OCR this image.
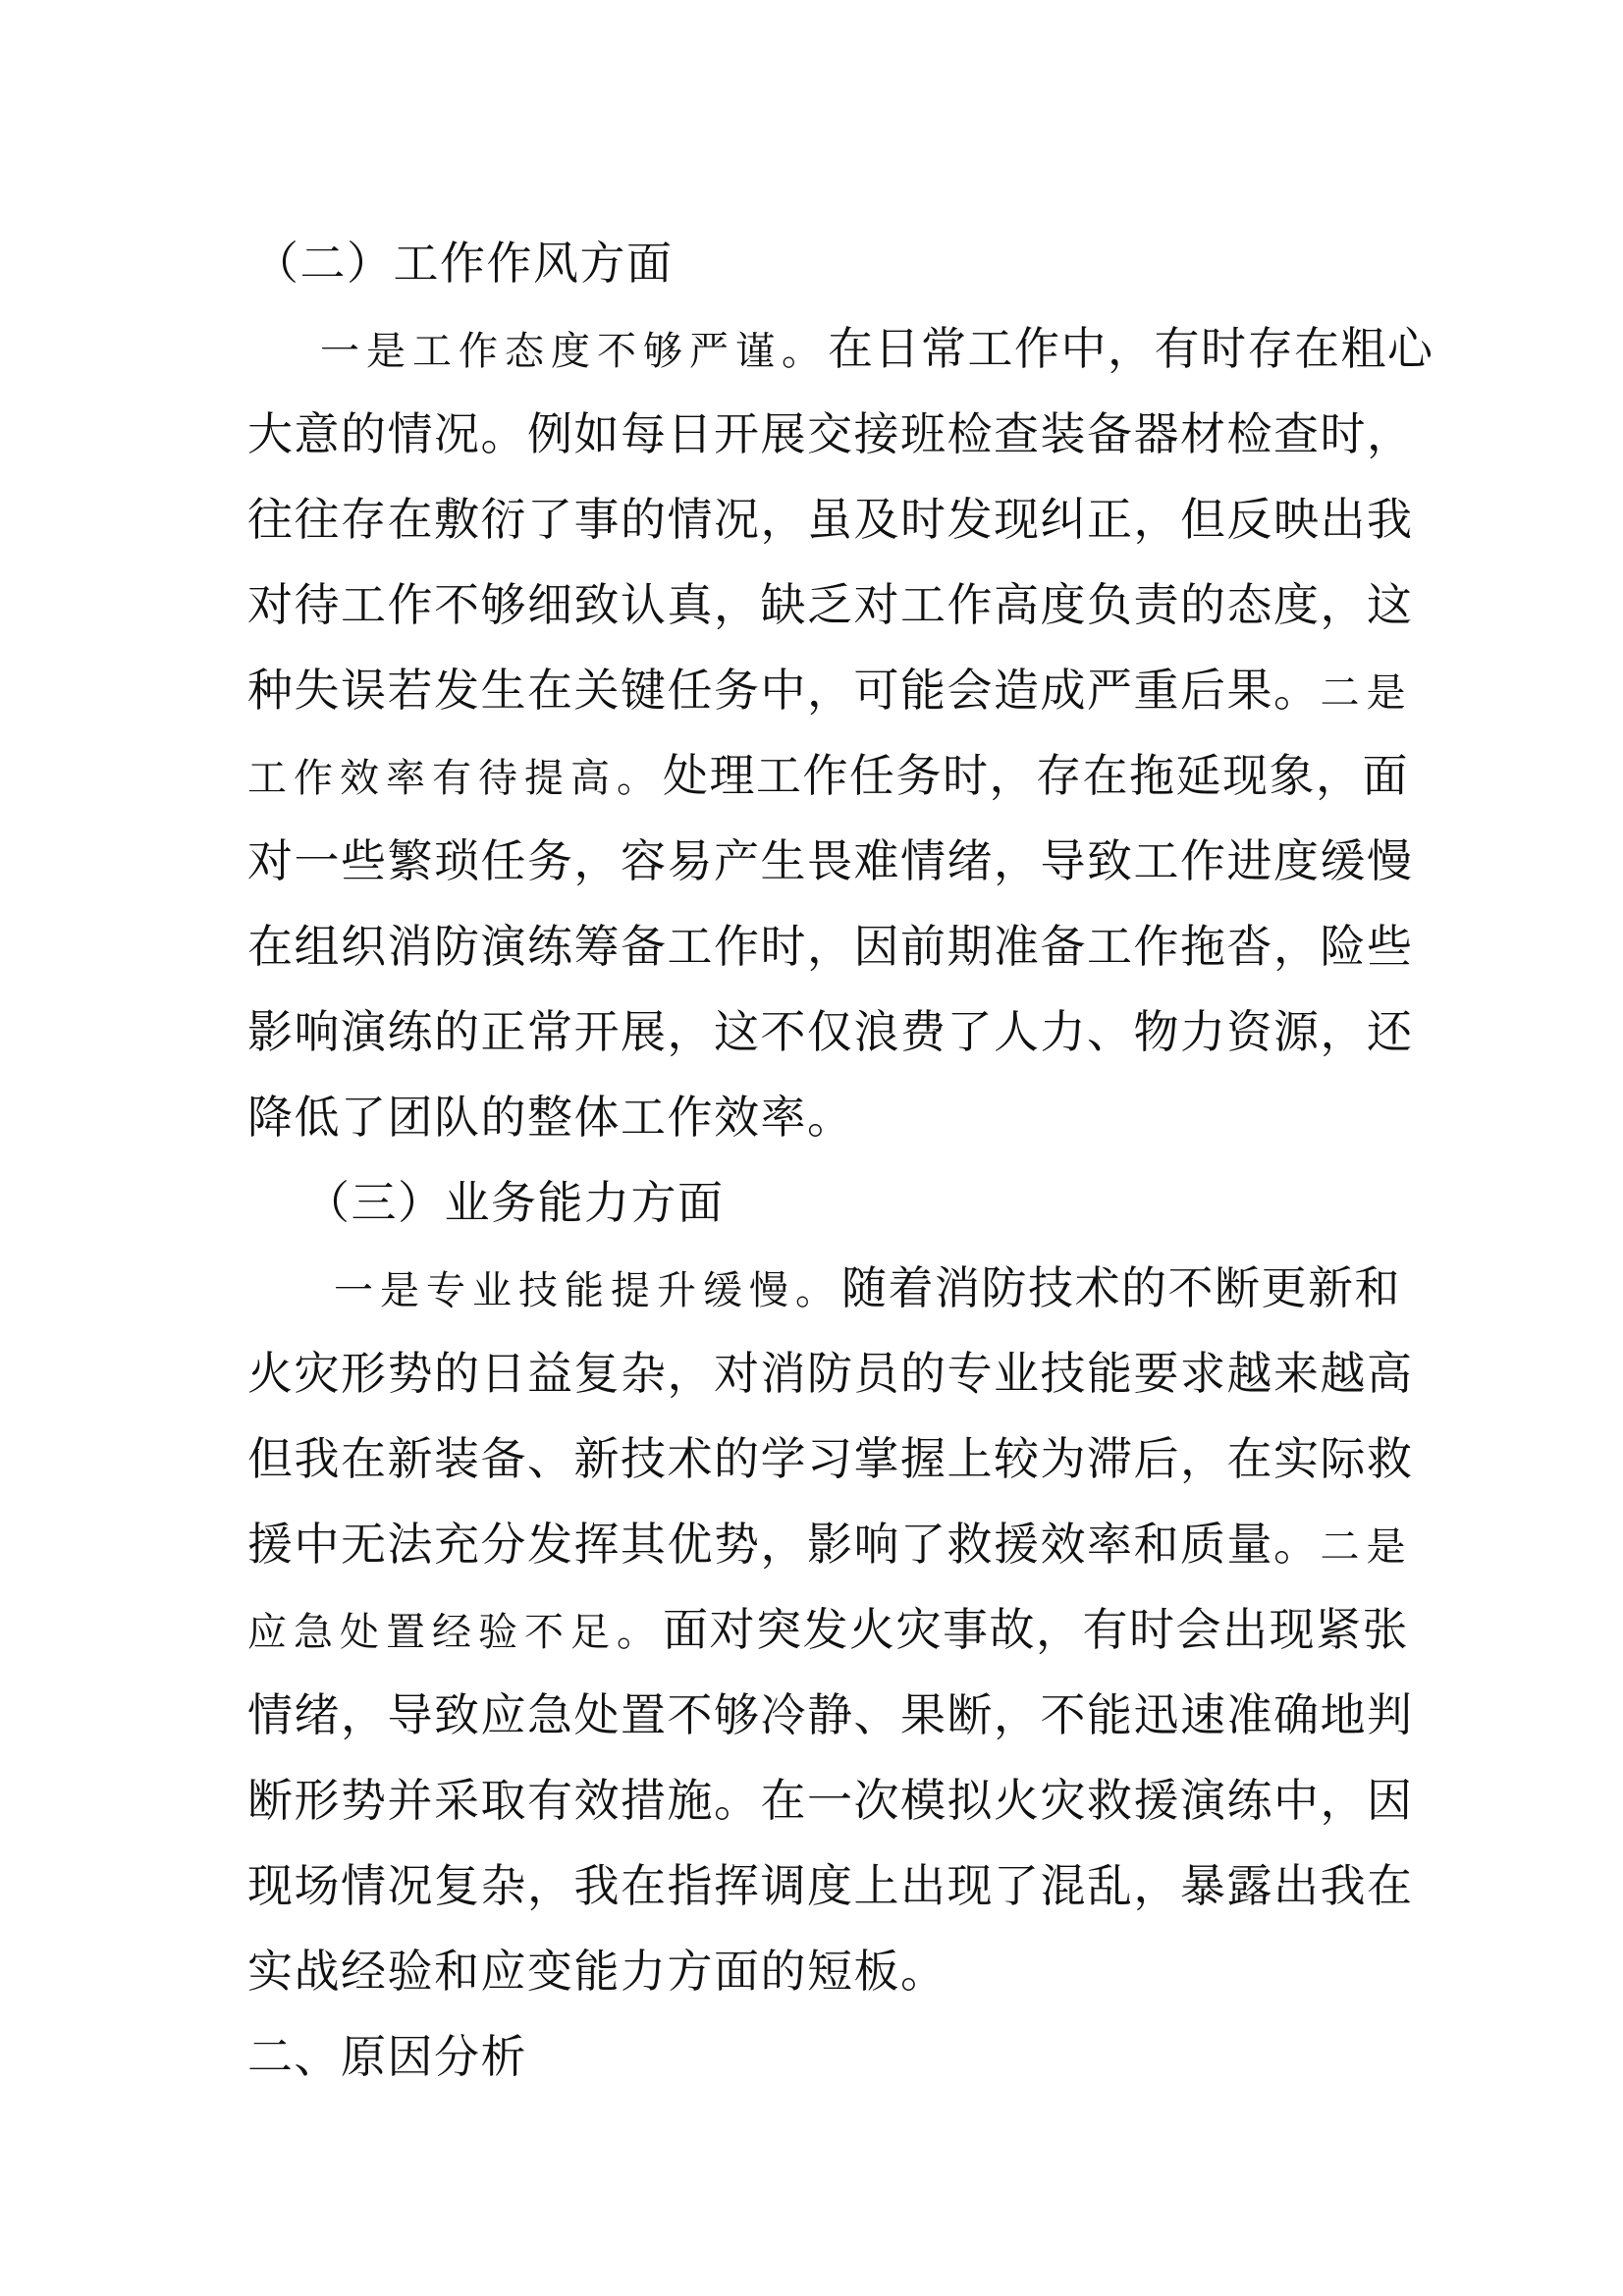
（二）工作作风方面
一是工作态度不够严谨。在日常工作中，有时存在粗心
大意的情况。例如每日开展交接班检查装备器材检查时，
往往存在敷衍了事的情况，虽及时发现纠正，但反映出我
对待工作不够细致认真，缺乏对工作高度负责的态度，这
种失误若发生在关键任务中，可能会造成严重后果。二是
工作效率有待提高。处理工作任务时，存在拖延现象，面
对一些繁琐任务，容易产生畏难情绪，导致工作进度缓慢
在组织消防演练筹备工作时，因前期准备工作拖沓，险些
影响演练的正常开展，这不仅浪费了人力、物力资源，还
降低了团队的整体工作效率。
（三）业务能力方面
一是专业技能提升缓慢。随着消防技术的不断更新和
火灾形势的日益复杂，对消防员的专业技能要求越来越高
但我在新装备、新技术的学习掌握上较为滞后，在实际救
援中无法充分发挥其优势，影响了救援效率和质量。二是
应急处置经验不足。面对突发火灾事故，有时会出现紧张
情绪，导致应急处置不够冷静、果断，不能迅速准确地判
断形势并采取有效措施。在一次模拟火灾救援演练中，因
现场情况复杂，我在指挥调度上出现了混乱，暴露出我在
实战经验和应变能力方面的短板。
二、原因分析
